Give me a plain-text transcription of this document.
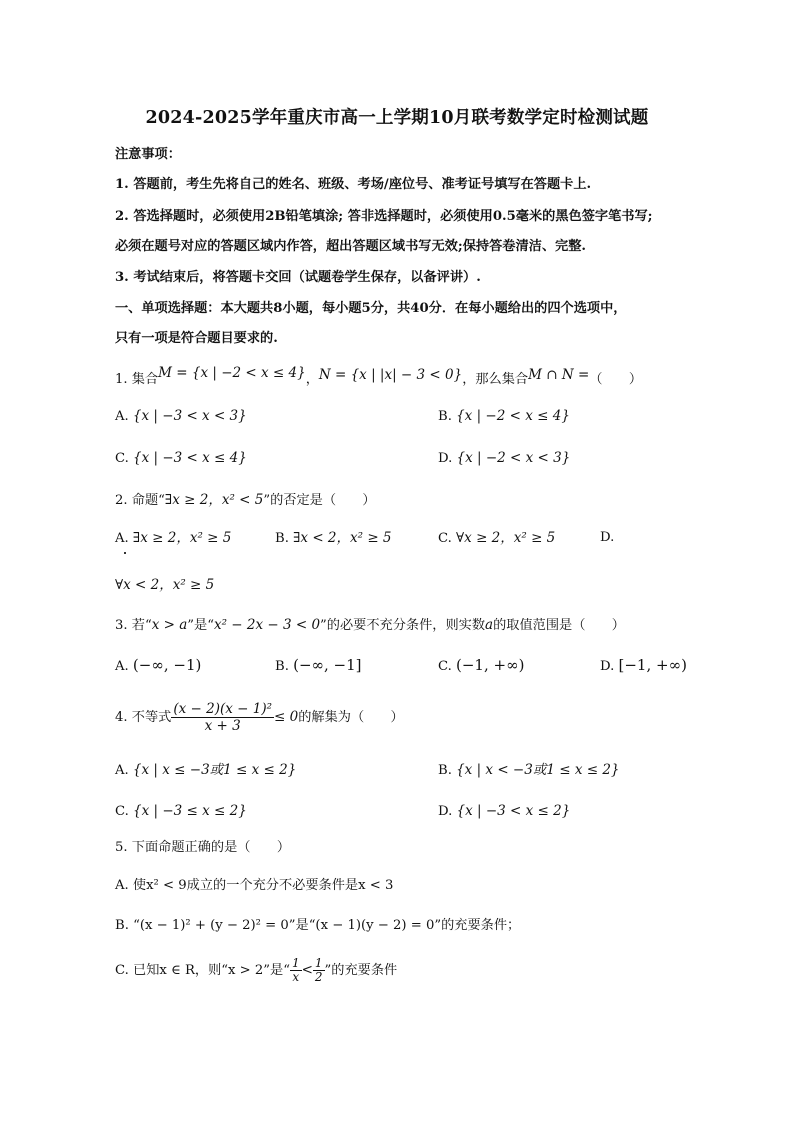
2024-2025学年重庆市高一上学期10月联考数学定时检测试题
注意事项：
1. 答题前，考生先将自己的姓名、班级、考场/座位号、准考证号填写在答题卡上.
2. 答选择题时，必须使用2B铅笔填涂; 答非选择题时，必须使用0.5毫米的黑色签字笔书写;
必须在题号对应的答题区域内作答，超出答题区域书写无效;保持答卷清洁、完整.
3. 考试结束后，将答题卡交回（试题卷学生保存，以备评讲）.
一、单项选择题：本大题共8小题，每小题5分，共40分．在每小题给出的四个选项中，
只有一项是符合题目要求的.
1. 集合M = {x | −2 < x ≤ 4}，N = {x | |x| − 3 < 0}，那么集合M ∩ N =（　　）
A. {x | −3 < x < 3}	B. {x | −2 < x ≤ 4}
C. {x | −3 < x ≤ 4}	D. {x | −2 < x < 3}
2. 命题“∃x ≥ 2，x² < 5”的否定是（　　）
A. ∃x ≥ 2，x² ≥ 5	B. ∃x < 2，x² ≥ 5	C. ∀x ≥ 2，x² ≥ 5	D.
∀x < 2，x² ≥ 5
3. 若“x > a”是“x² − 2x − 3 < 0”的必要不充分条件，则实数a的取值范围是（　　）
A. (−∞, −1)	B. (−∞, −1]	C. (−1, +∞)	D. [−1, +∞)
4. 不等式 $\frac{\text{(x − 2)(x − 1)²}}{x + 3} \le 0$的解集为（　　）
A. {x | x ≤ −3或1 ≤ x ≤ 2}	B. {x | x < −3或1 ≤ x ≤ 2}
C. {x | −3 ≤ x ≤ 2}	D. {x | −3 < x ≤ 2}
5. 下面命题正确的是（　　）
A. 使x² < 9成立的一个充分不必要条件是x < 3
B. “(x − 1)² + (y − 2)² = 0”是“(x − 1)(y − 2) = 0”的充要条件；
C. 已知x ∈ R，则“x > 2”是“ $\frac{1}{x} < \frac{1}{2}$ ”的充要条件
